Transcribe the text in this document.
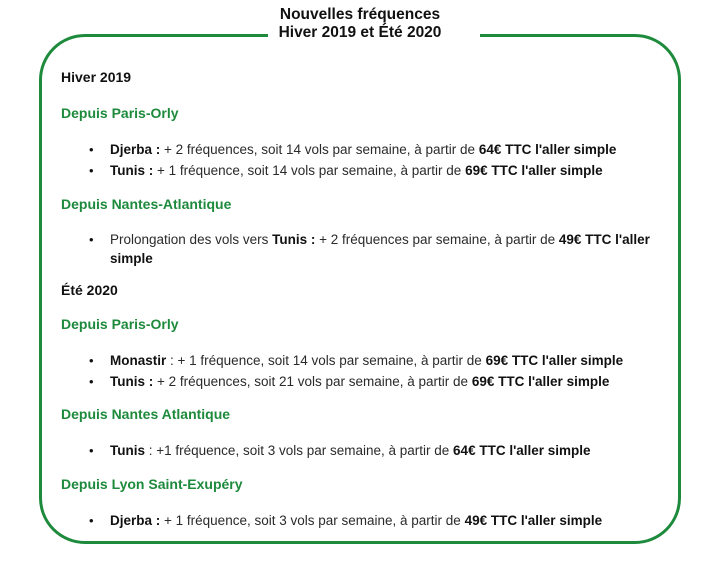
Nouvelles fréquences
Hiver 2019 et Été 2020

Hiver 2019

Depuis Paris-Orly

• Djerba : + 2 fréquences, soit 14 vols par semaine, à partir de 64€ TTC l'aller simple
• Tunis : + 1 fréquence, soit 14 vols par semaine, à partir de 69€ TTC l'aller simple

Depuis Nantes-Atlantique

• Prolongation des vols vers Tunis : + 2 fréquences par semaine, à partir de 49€ TTC l'aller simple

Été 2020

Depuis Paris-Orly

• Monastir : + 1 fréquence, soit 14 vols par semaine, à partir de 69€ TTC l'aller simple
• Tunis : + 2 fréquences, soit 21 vols par semaine, à partir de 69€ TTC l'aller simple

Depuis Nantes Atlantique

• Tunis : +1 fréquence, soit 3 vols par semaine, à partir de 64€ TTC l'aller simple

Depuis Lyon Saint-Exupéry

• Djerba : + 1 fréquence, soit 3 vols par semaine, à partir de 49€ TTC l'aller simple
